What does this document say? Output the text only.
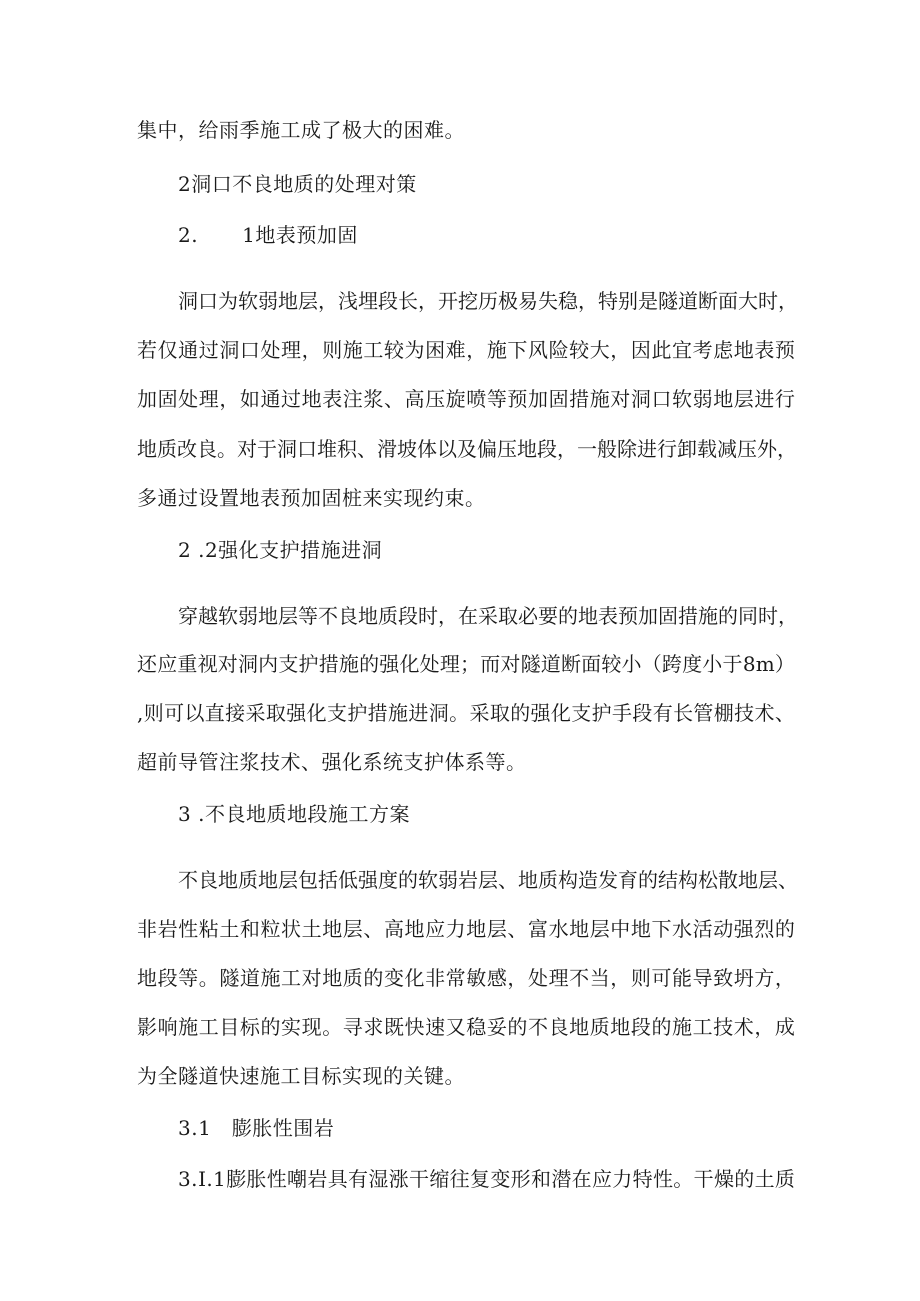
集中，给雨季施工成了极大的困难。
2洞口不良地质的处理对策
2. 1地表预加固
洞 口 为 软 弱 地 层 ， 浅 埋 段 长 ， 开 挖 历 极 易 失 稳 ， 特 别 是 隧 道 断 面 大 时 ，
若 仅 通 过 洞 口 处 理 ， 则 施 工 较 为 困 难 ， 施 下 风 险 较 大 ， 因 此 宜 考 虑 地 表 预
加 固 处 理 ， 如 通 过 地 表 注 浆 、 高 压 旋 喷 等 预 加 固 措 施 对 洞 口 软 弱 地 层 进 行
地 质 改 良 。 对 于 洞 口 堆 积 、 滑 坡 体 以 及 偏 压 地 段 ， 一 般 除 进 行 卸 载 减 压 外 ，
多通过设置地表预加固桩来实现约束。
2 .2强化支护措施进洞
穿 越 软 弱 地 层 等 不 良 地 质 段 时 ， 在 采 取 必 要 的 地 表 预 加 固 措 施 的 同 时 ，
还 应 重 视 对 洞 内 支 护 措 施 的 强 化 处 理 ； 而 对 隧 道 断 面 较 小 （ 跨 度 小 于 8 m ）
, 则 可 以 直 接 采 取 强 化 支 护 措 施 进 洞 。 采 取 的 强 化 支 护 手 段 有 长 管 棚 技 术 、
超前导管注浆技术、强化系统支护体系等。
3 .不良地质地段施工方案
不 良 地 质 地 层 包 括 低 强 度 的 软 弱 岩 层 、 地 质 构 造 发 育 的 结 构 松 散 地 层 、
非 岩 性 粘 土 和 粒 状 土 地 层 、 高 地 应 力 地 层 、 富 水 地 层 中 地 下 水 活 动 强 烈 的
地 段 等 。 隧 道 施 工 对 地 质 的 变 化 非 常 敏 感 ， 处 理 不 当 ， 则 可 能 导 致 坍 方 ，
影 响 施 工 目 标 的 实 现 。 寻 求 既 快 速 又 稳 妥 的 不 良 地 质 地 段 的 施 工 技 术 ， 成
为全隧道快速施工目标实现的关键。
3.1　膨胀性围岩
3 . I . 1 膨 胀 性 嘲 岩 具 有 湿 涨 干 缩 往 复 变 形 和 潜 在 应 力 特 性 。 干 燥 的 土 质
